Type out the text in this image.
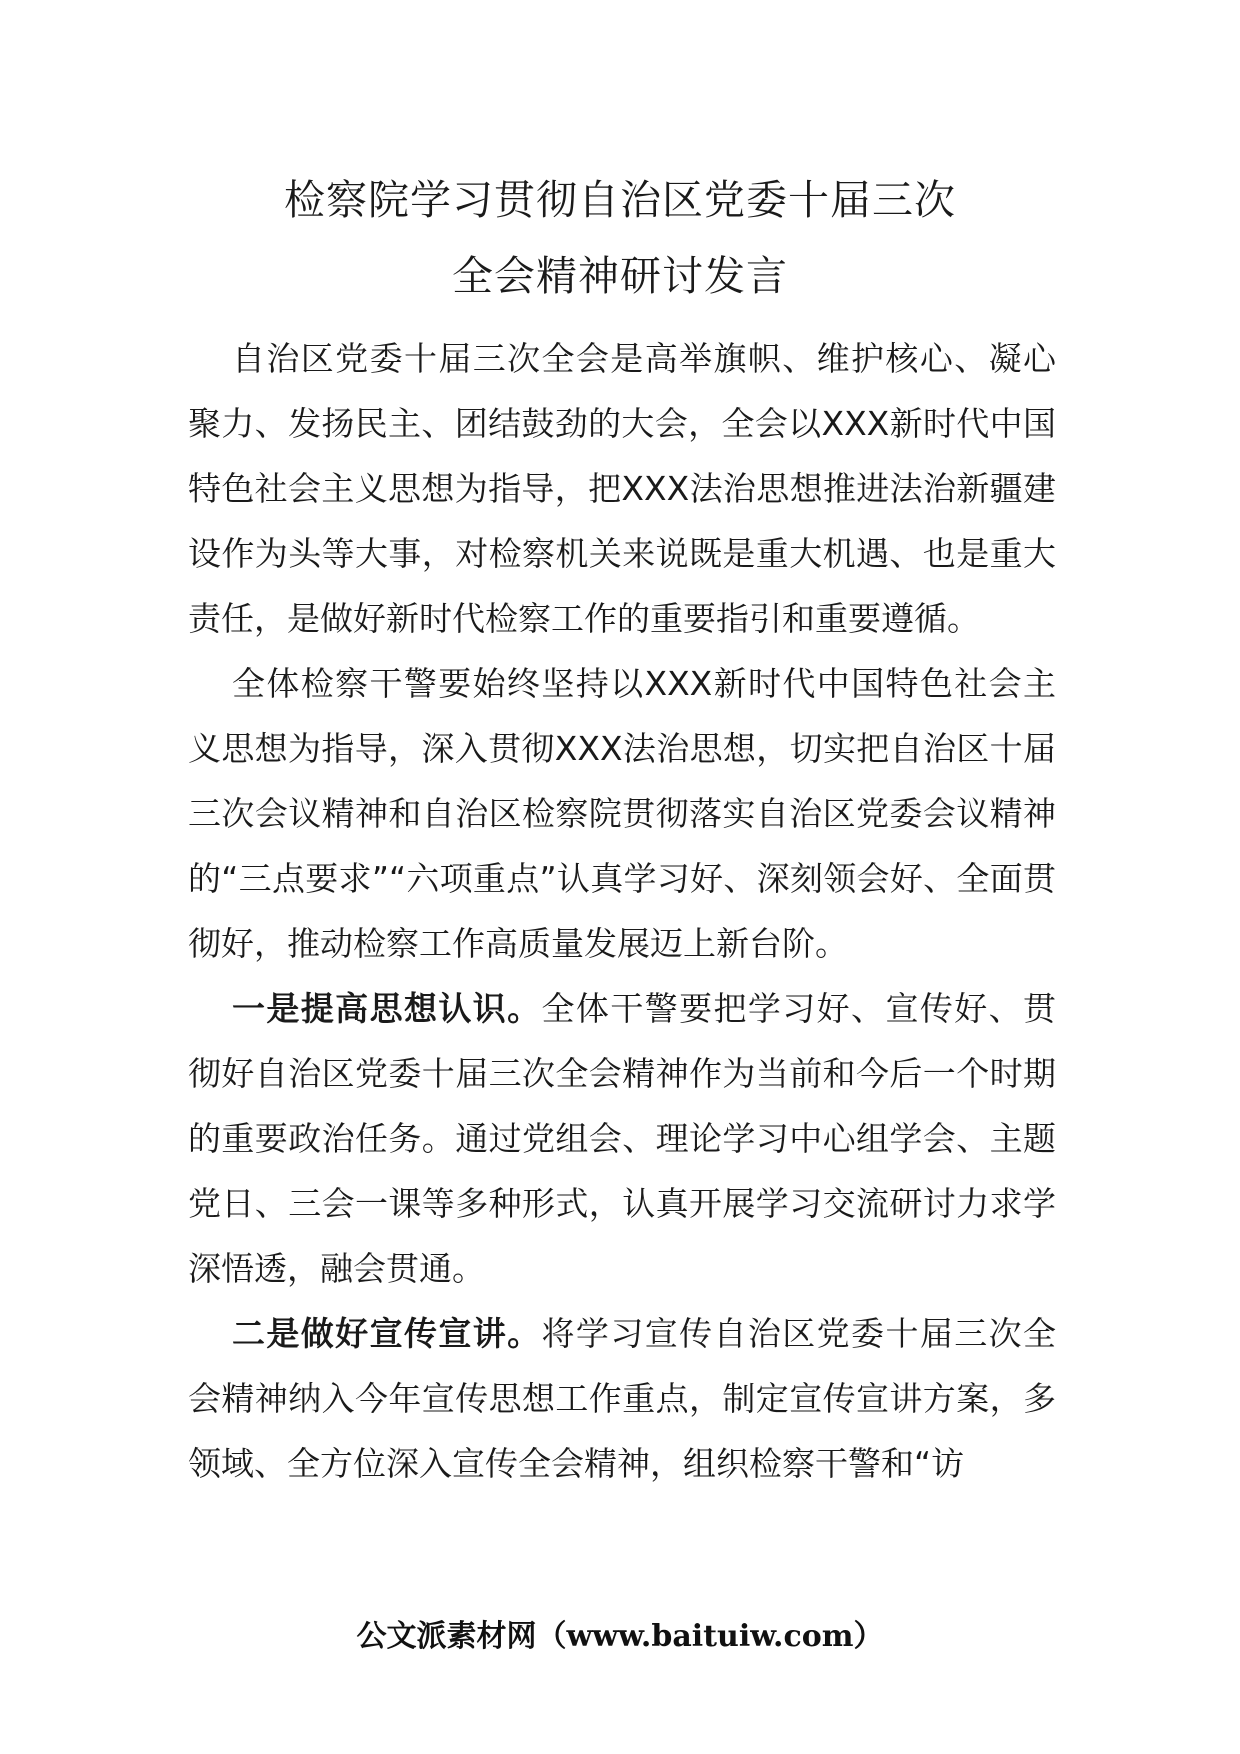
检察院学习贯彻自治区党委十届三次
全会精神研讨发言

自治区党委十届三次全会是高举旗帜、维护核心、凝心聚力、发扬民主、团结鼓劲的大会，全会以XXX新时代中国特色社会主义思想为指导，把XXX法治思想推进法治新疆建设作为头等大事，对检察机关来说既是重大机遇、也是重大责任，是做好新时代检察工作的重要指引和重要遵循。

全体检察干警要始终坚持以XXX新时代中国特色社会主义思想为指导，深入贯彻XXX法治思想，切实把自治区十届三次会议精神和自治区检察院贯彻落实自治区党委会议精神的“三点要求”“六项重点”认真学习好、深刻领会好、全面贯彻好，推动检察工作高质量发展迈上新台阶。

一是提高思想认识。全体干警要把学习好、宣传好、贯彻好自治区党委十届三次全会精神作为当前和今后一个时期的重要政治任务。通过党组会、理论学习中心组学会、主题党日、三会一课等多种形式，认真开展学习交流研讨力求学深悟透，融会贯通。

二是做好宣传宣讲。将学习宣传自治区党委十届三次全会精神纳入今年宣传思想工作重点，制定宣传宣讲方案，多领域、全方位深入宣传全会精神，组织检察干警和“访

公文派素材网（www.baituiw.com）
